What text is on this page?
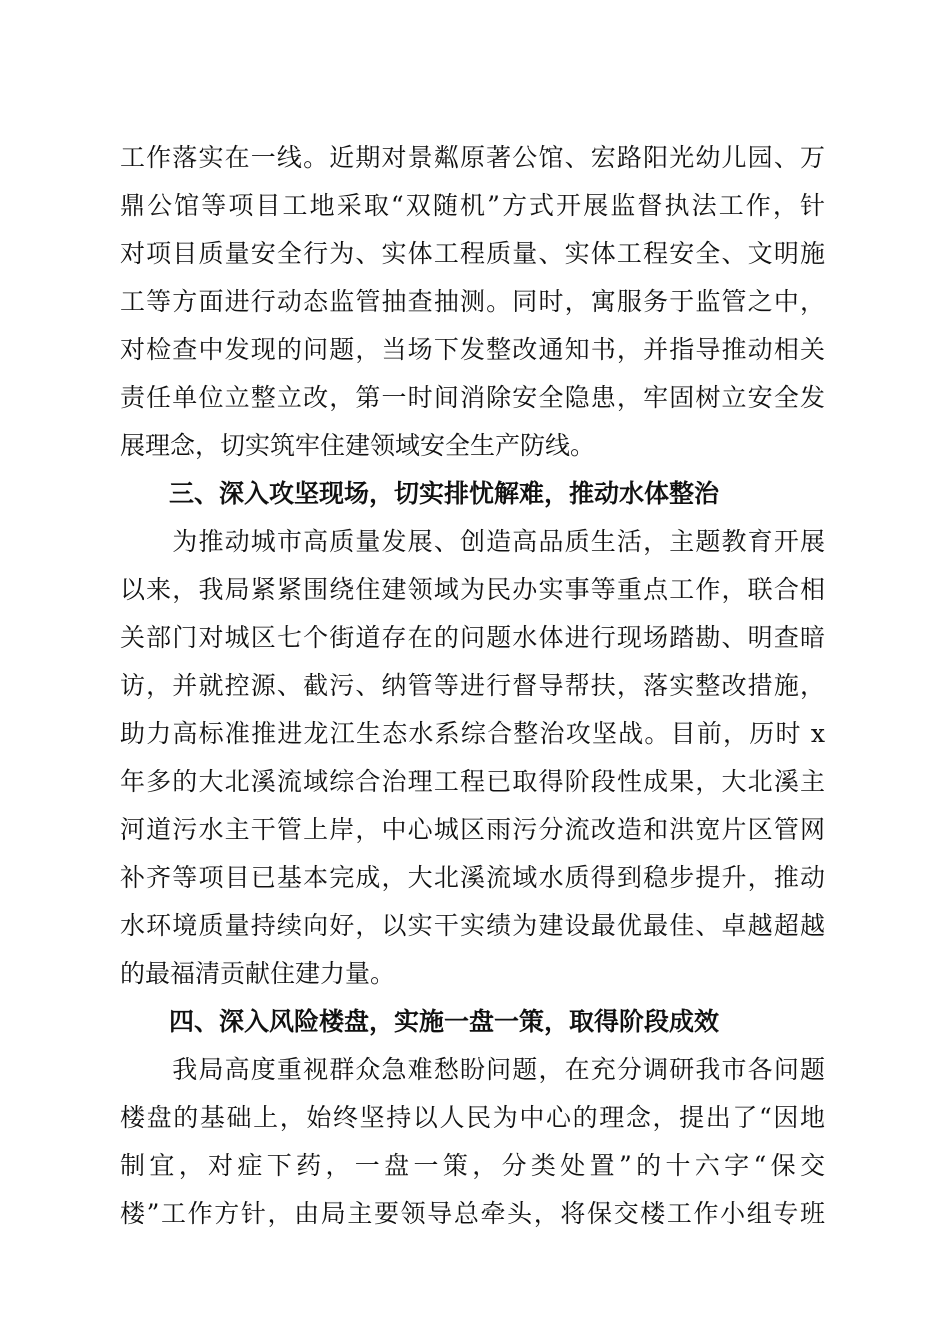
工作落实在一线。近期对景粼原著公馆、宏路阳光幼儿园、万
鼎公馆等项目工地采取“双随机”方式开展监督执法工作，针
对项目质量安全行为、实体工程质量、实体工程安全、文明施
工等方面进行动态监管抽查抽测。同时，寓服务于监管之中，
对检查中发现的问题，当场下发整改通知书，并指导推动相关
责任单位立整立改，第一时间消除安全隐患，牢固树立安全发
展理念，切实筑牢住建领域安全生产防线。
三、深入攻坚现场，切实排忧解难，推动水体整治
　　为推动城市高质量发展、创造高品质生活，主题教育开展
以来，我局紧紧围绕住建领域为民办实事等重点工作，联合相
关部门对城区七个街道存在的问题水体进行现场踏勘、明查暗
访，并就控源、截污、纳管等进行督导帮扶，落实整改措施，
助力高标准推进龙江生态水系综合整治攻坚战。目前，历时 x
年多的大北溪流域综合治理工程已取得阶段性成果，大北溪主
河道污水主干管上岸，中心城区雨污分流改造和洪宽片区管网
补齐等项目已基本完成，大北溪流域水质得到稳步提升，推动
水环境质量持续向好，以实干实绩为建设最优最佳、卓越超越
的最福清贡献住建力量。
四、深入风险楼盘，实施一盘一策，取得阶段成效
　　我局高度重视群众急难愁盼问题，在充分调研我市各问题
楼盘的基础上，始终坚持以人民为中心的理念，提出了“因地
制宜，对症下药，一盘一策，分类处置”的十六字“保交
楼”工作方针，由局主要领导总牵头，将保交楼工作小组专班
